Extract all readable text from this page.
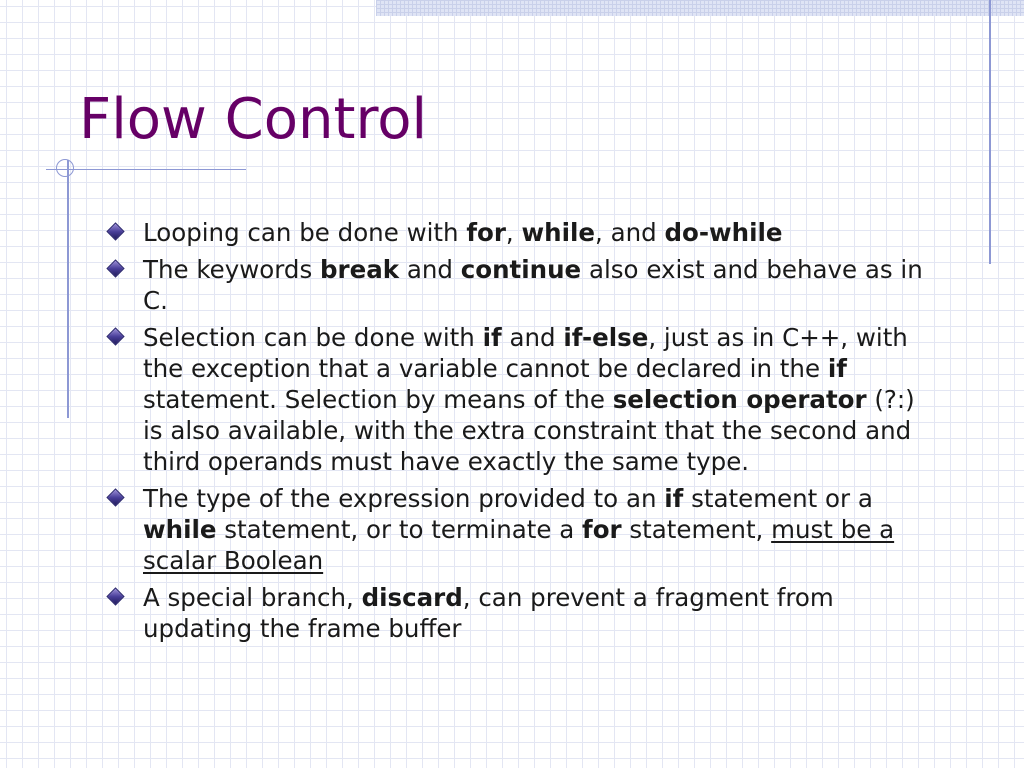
Flow Control
Looping can be done with for, while, and do-while
The keywords break and continue also exist and behave as in C.
Selection can be done with if and if-else, just as in C++, with the exception that a variable cannot be declared in the if statement. Selection by means of the selection operator (?:) is also available, with the extra constraint that the second and third operands must have exactly the same type.
The type of the expression provided to an if statement or a while statement, or to terminate a for statement, must be a scalar Boolean
A special branch, discard, can prevent a fragment from updating the frame buffer
